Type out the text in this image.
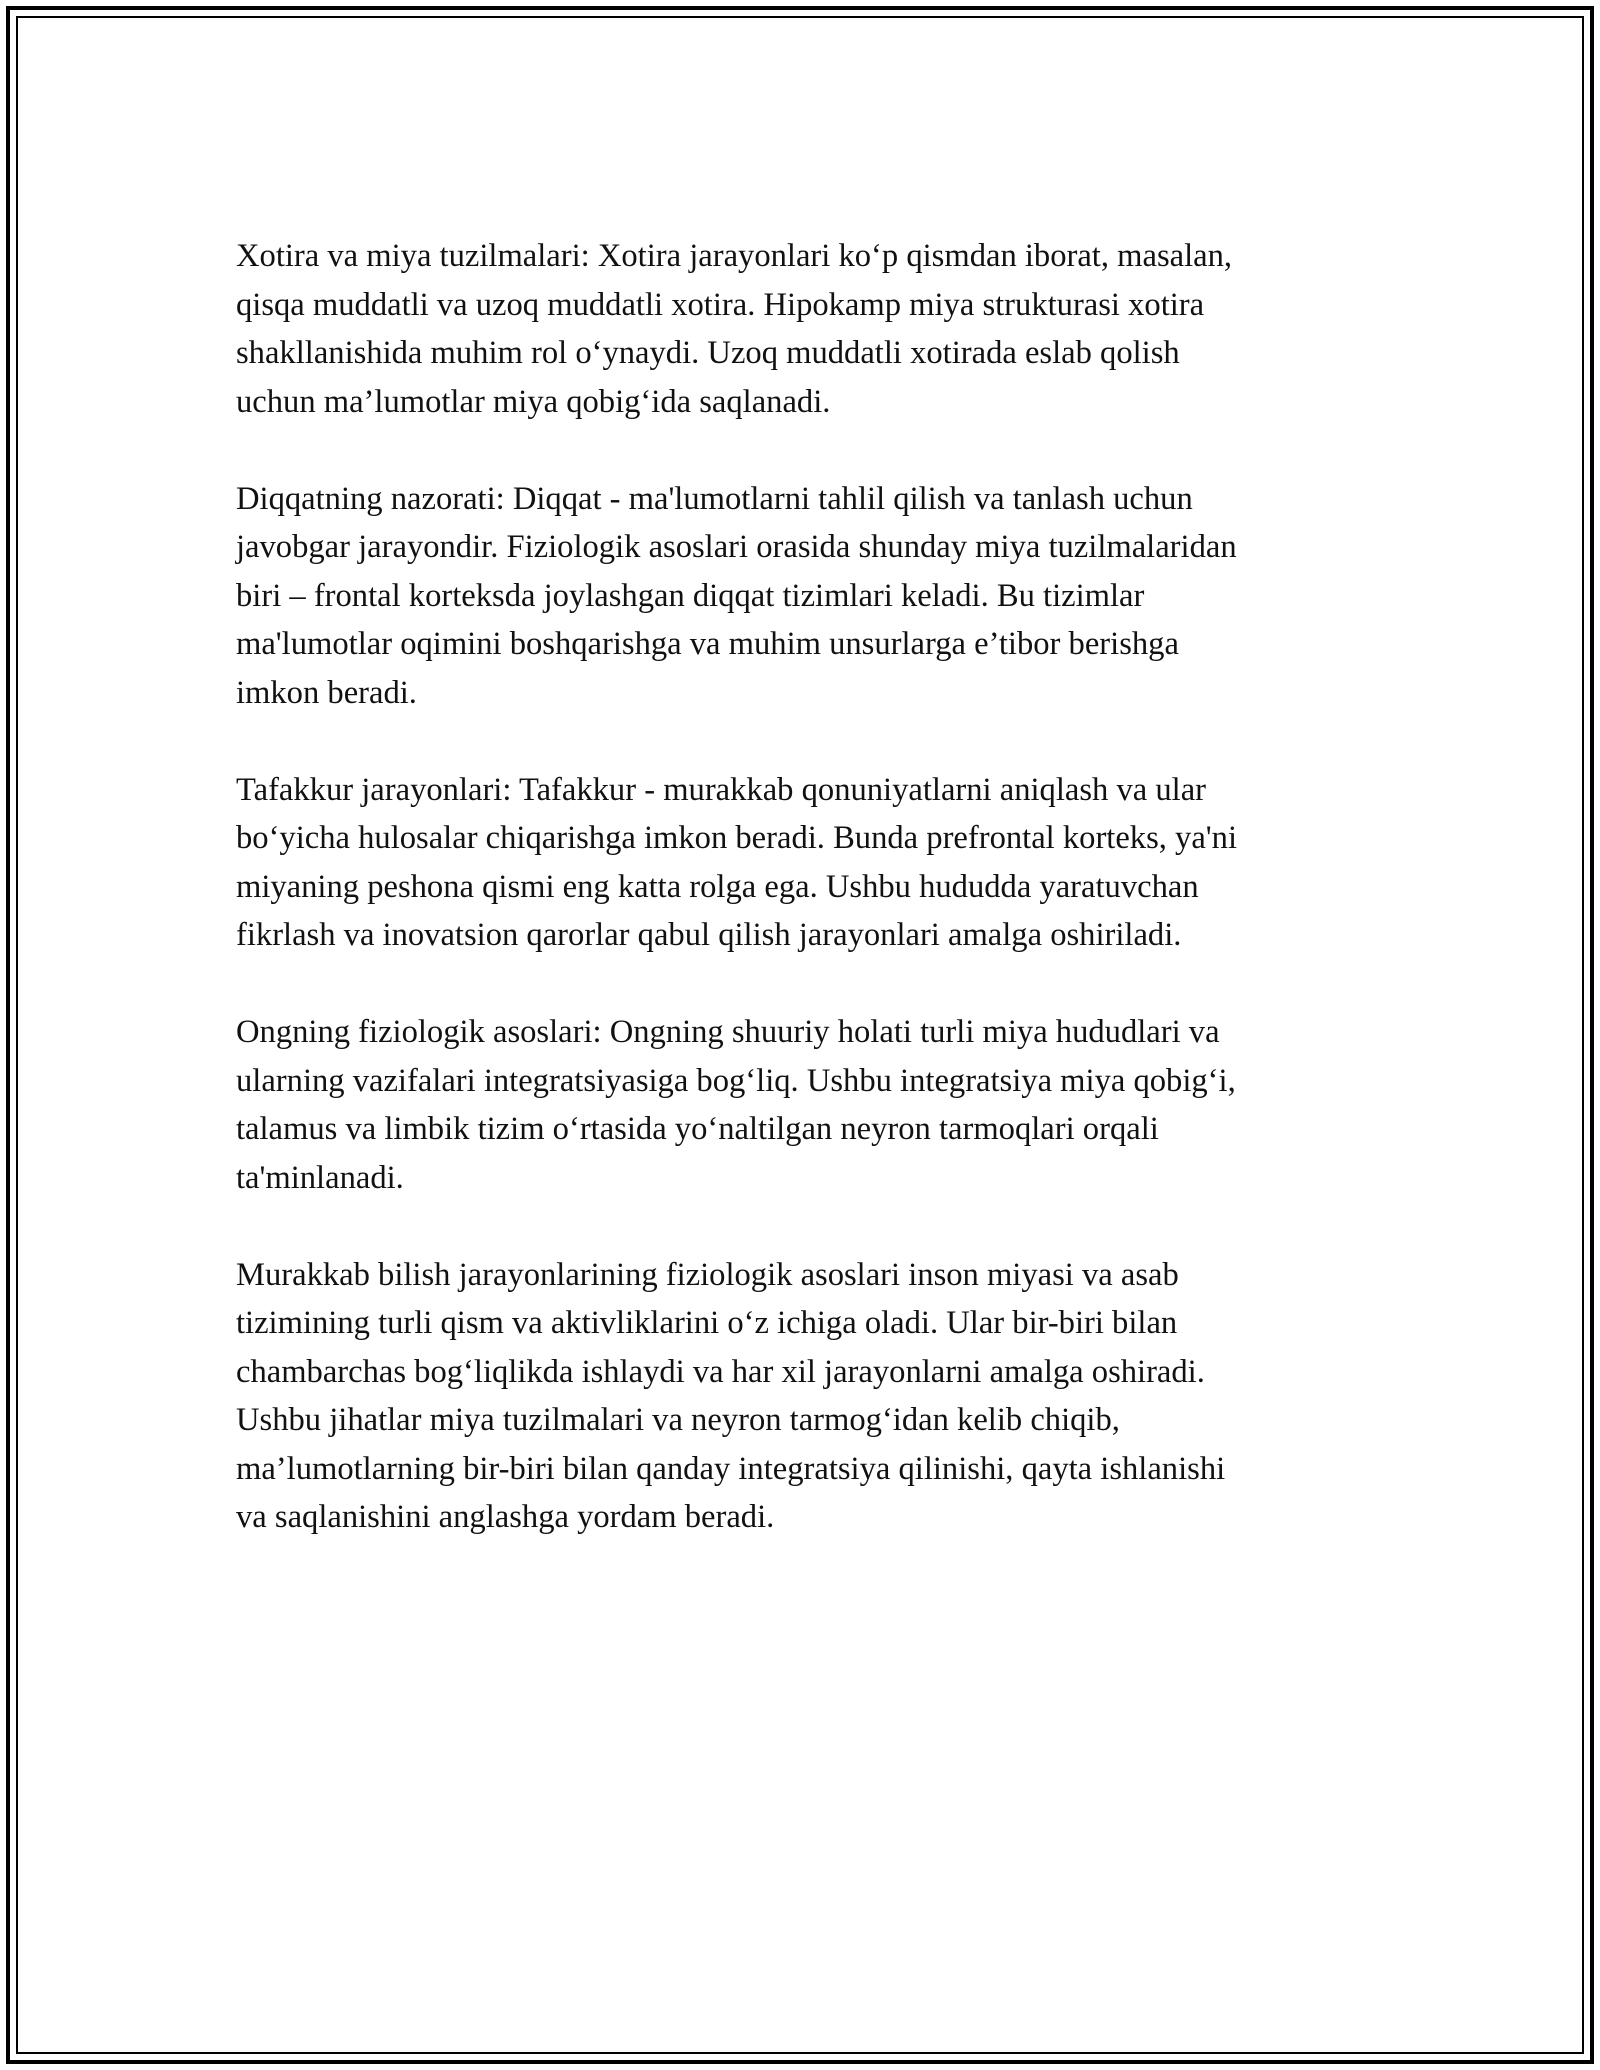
Xotira va miya tuzilmalari: Xotira jarayonlari ko‘p qismdan iborat, masalan,
qisqa muddatli va uzoq muddatli xotira. Hipokamp miya strukturasi xotira
shakllanishida muhim rol o‘ynaydi. Uzoq muddatli xotirada eslab qolish
uchun ma’lumotlar miya qobig‘ida saqlanadi.

Diqqatning nazorati: Diqqat - ma'lumotlarni tahlil qilish va tanlash uchun
javobgar jarayondir. Fiziologik asoslari orasida shunday miya tuzilmalaridan
biri – frontal korteksda joylashgan diqqat tizimlari keladi. Bu tizimlar
ma'lumotlar oqimini boshqarishga va muhim unsurlarga e’tibor berishga
imkon beradi.

Tafakkur jarayonlari: Tafakkur - murakkab qonuniyatlarni aniqlash va ular
bo‘yicha hulosalar chiqarishga imkon beradi. Bunda prefrontal korteks, ya'ni
miyaning peshona qismi eng katta rolga ega. Ushbu hududda yaratuvchan
fikrlash va inovatsion qarorlar qabul qilish jarayonlari amalga oshiriladi.

Ongning fiziologik asoslari: Ongning shuuriy holati turli miya hududlari va
ularning vazifalari integratsiyasiga bog‘liq. Ushbu integratsiya miya qobig‘i,
talamus va limbik tizim o‘rtasida yo‘naltilgan neyron tarmoqlari orqali
ta'minlanadi.

Murakkab bilish jarayonlarining fiziologik asoslari inson miyasi va asab
tizimining turli qism va aktivliklarini o‘z ichiga oladi. Ular bir-biri bilan
chambarchas bog‘liqlikda ishlaydi va har xil jarayonlarni amalga oshiradi.
Ushbu jihatlar miya tuzilmalari va neyron tarmog‘idan kelib chiqib,
ma’lumotlarning bir-biri bilan qanday integratsiya qilinishi, qayta ishlanishi
va saqlanishini anglashga yordam beradi.
